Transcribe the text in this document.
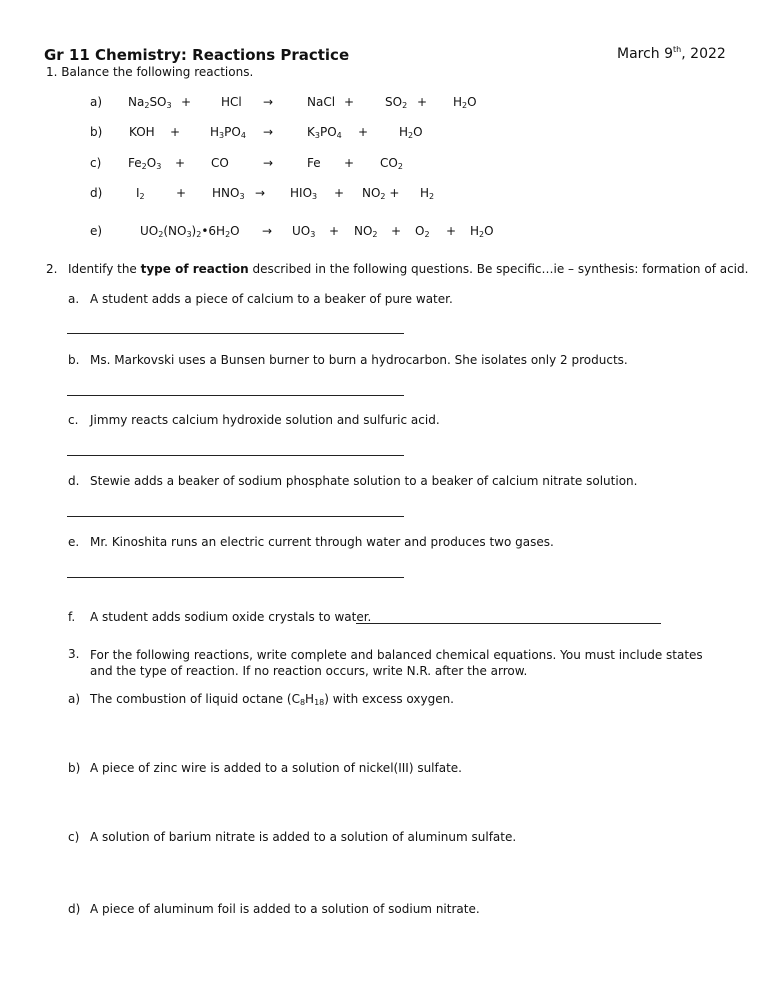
Gr 11 Chemistry: Reactions Practice	March 9th, 2022
1. Balance the following reactions.
a) $Na_2SO_3$ + HCl →	NaCl +	$SO_2 + H_2O$
b) KOH + $H_3PO_4$ →	$K_3PO_4$ +	$H_2O$
c) $Fe_2O_3$ + CO	→	$Fe + CO_2$
d)	$I_2$	+ $HNO_3 \to HIO_3 + NO_2 + H_2$
e)	$UO_2(NO_3)_2•6H_2O \to UO_3 + NO_2 + O_2 + H_2O$
2. Identify the type of reaction described in the following questions. Be specific…ie – synthesis: formation of acid.
a. A student adds a piece of calcium to a beaker of pure water.
b. Ms. Markovski uses a Bunsen burner to burn a hydrocarbon. She isolates only 2 products.
c. Jimmy reacts calcium hydroxide solution and sulfuric acid.
d. Stewie adds a beaker of sodium phosphate solution to a beaker of calcium nitrate solution.
e. Mr. Kinoshita runs an electric current through water and produces two gases.
f. A student adds sodium oxide crystals to water.
3. For the following reactions, write complete and balanced chemical equations. You must include states and the type of reaction. If no reaction occurs, write N.R. after the arrow.
a) The combustion of liquid octane $(C_8H_{18})$ with excess oxygen.
b) A piece of zinc wire is added to a solution of nickel(III) sulfate.
c) A solution of barium nitrate is added to a solution of aluminum sulfate.
d) A piece of aluminum foil is added to a solution of sodium nitrate.
